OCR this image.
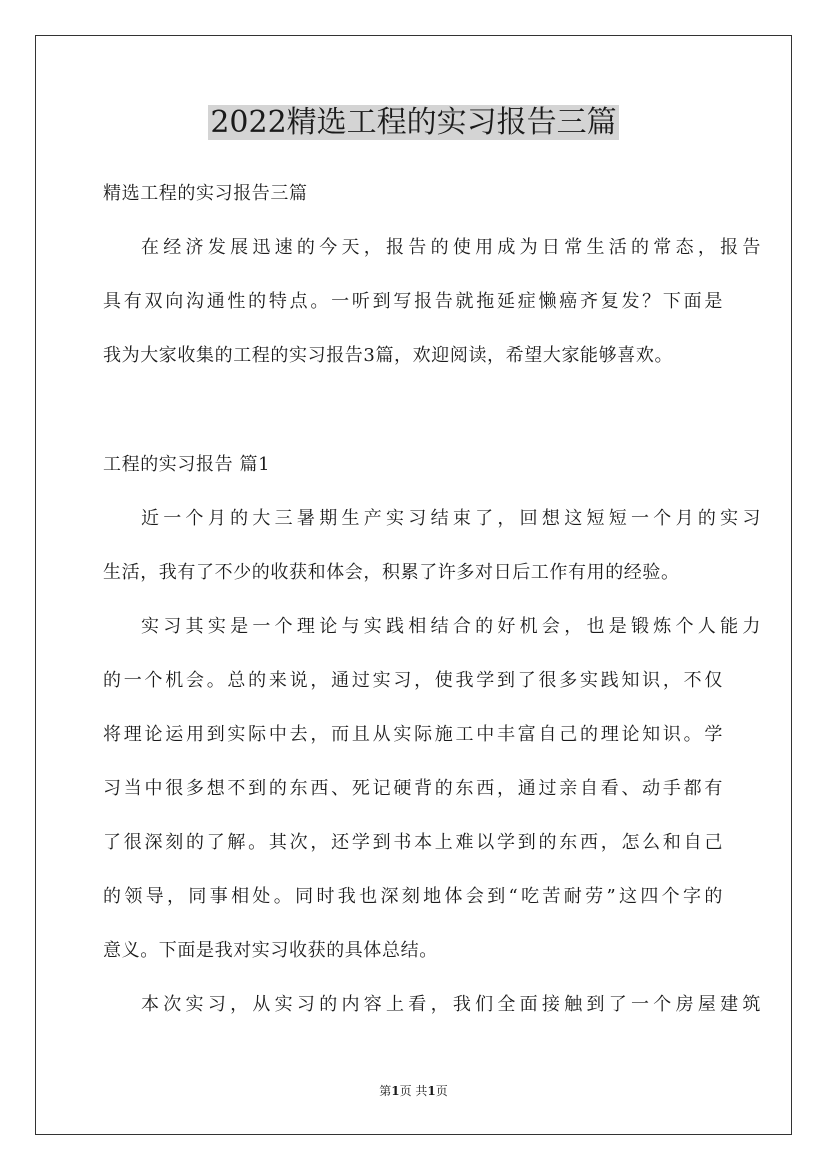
2022精选工程的实习报告三篇

精选工程的实习报告三篇

在经济发展迅速的今天，报告的使用成为日常生活的常态，报告

具有双向沟通性的特点。一听到写报告就拖延症懒癌齐复发？下面是

我为大家收集的工程的实习报告3篇，欢迎阅读，希望大家能够喜欢。

工程的实习报告 篇1

近一个月的大三暑期生产实习结束了，回想这短短一个月的实习

生活，我有了不少的收获和体会，积累了许多对日后工作有用的经验。

实习其实是一个理论与实践相结合的好机会，也是锻炼个人能力

的一个机会。总的来说，通过实习，使我学到了很多实践知识，不仅

将理论运用到实际中去，而且从实际施工中丰富自己的理论知识。学

习当中很多想不到的东西、死记硬背的东西，通过亲自看、动手都有

了很深刻的了解。其次，还学到书本上难以学到的东西，怎么和自己

的领导，同事相处。同时我也深刻地体会到“吃苦耐劳”这四个字的

意义。下面是我对实习收获的具体总结。

本次实习，从实习的内容上看，我们全面接触到了一个房屋建筑

第1页 共1页
